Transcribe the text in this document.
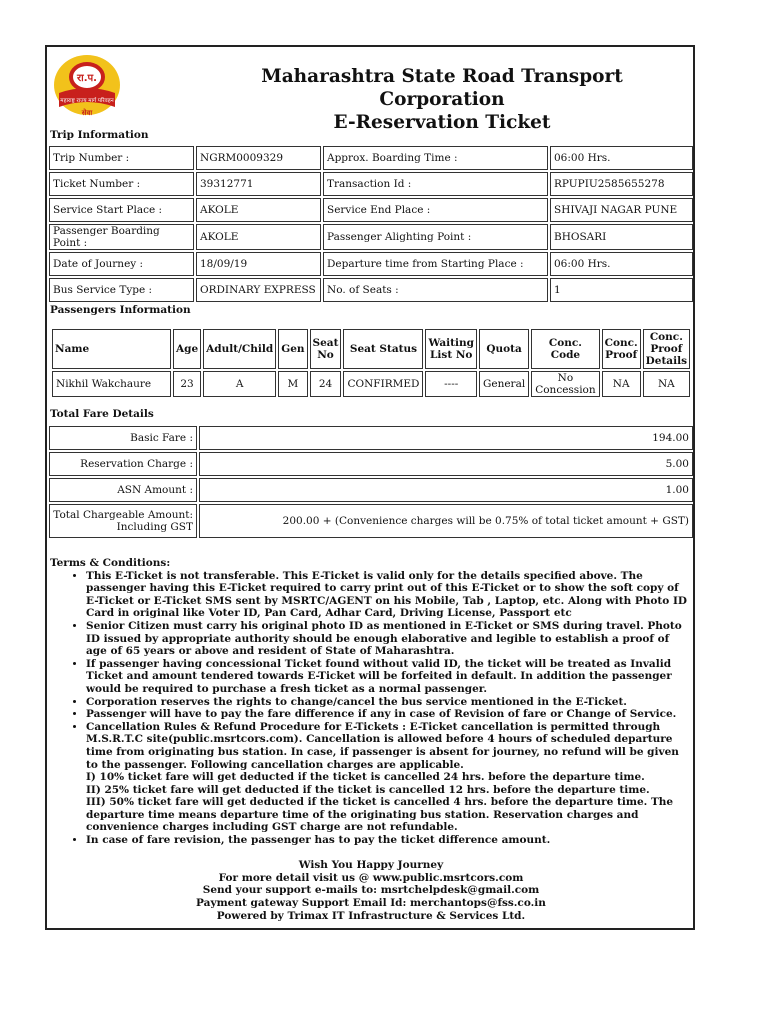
रा.प.
महाराष्ट्र राज्य मार्ग परिवहन
सेवा
Maharashtra State Road Transport Corporation
E-Reservation Ticket
Trip Information
Trip Number :	NGRM0009329	Approx. Boarding Time :	06:00 Hrs.
Ticket Number :	39312771	Transaction Id :	RPUPIU2585655278
Service Start Place :	AKOLE	Service End Place :	SHIVAJI NAGAR PUNE
Passenger Boarding Point :	AKOLE	Passenger Alighting Point :	BHOSARI
Date of Journey :	18/09/19	Departure time from Starting Place :	06:00 Hrs.
Bus Service Type :	ORDINARY EXPRESS	No. of Seats :	1
Passengers Information
Name	Age	Adult/Child	Gen	Seat No	Seat Status	Waiting List No	Quota	Conc. Code	Conc. Proof	Conc. Proof Details
Nikhil Wakchaure	23	A	M	24	CONFIRMED	----	General	No Concession	NA	NA
Total Fare Details
Basic Fare :	194.00
Reservation Charge :	5.00
ASN Amount :	1.00
Total Chargeable Amount: Including GST	200.00 + (Convenience charges will be 0.75% of total ticket amount + GST)
Terms & Conditions:
• This E-Ticket is not transferable. This E-Ticket is valid only for the details specified above. The passenger having this E-Ticket required to carry print out of this E-Ticket or to show the soft copy of E-Ticket or E-Ticket SMS sent by MSRTC/AGENT on his Mobile, Tab , Laptop, etc. Along with Photo ID Card in original like Voter ID, Pan Card, Adhar Card, Driving License, Passport etc
• Senior Citizen must carry his original photo ID as mentioned in E-Ticket or SMS during travel. Photo ID issued by appropriate authority should be enough elaborative and legible to establish a proof of age of 65 years or above and resident of State of Maharashtra.
• If passenger having concessional Ticket found without valid ID, the ticket will be treated as Invalid Ticket and amount tendered towards E-Ticket will be forfeited in default. In addition the passenger would be required to purchase a fresh ticket as a normal passenger.
• Corporation reserves the rights to change/cancel the bus service mentioned in the E-Ticket.
• Passenger will have to pay the fare difference if any in case of Revision of fare or Change of Service.
• Cancellation Rules & Refund Procedure for E-Tickets : E-Ticket cancellation is permitted through M.S.R.T.C site(public.msrtcors.com). Cancellation is allowed before 4 hours of scheduled departure time from originating bus station. In case, if passenger is absent for journey, no refund will be given to the passenger. Following cancellation charges are applicable.
I) 10% ticket fare will get deducted if the ticket is cancelled 24 hrs. before the departure time.
II) 25% ticket fare will get deducted if the ticket is cancelled 12 hrs. before the departure time.
III) 50% ticket fare will get deducted if the ticket is cancelled 4 hrs. before the departure time. The departure time means departure time of the originating bus station. Reservation charges and convenience charges including GST charge are not refundable.
• In case of fare revision, the passenger has to pay the ticket difference amount.
Wish You Happy Journey
For more detail visit us @ www.public.msrtcors.com
Send your support e-mails to: msrtchelpdesk@gmail.com
Payment gateway Support Email Id: merchantops@fss.co.in
Powered by Trimax IT Infrastructure & Services Ltd.
